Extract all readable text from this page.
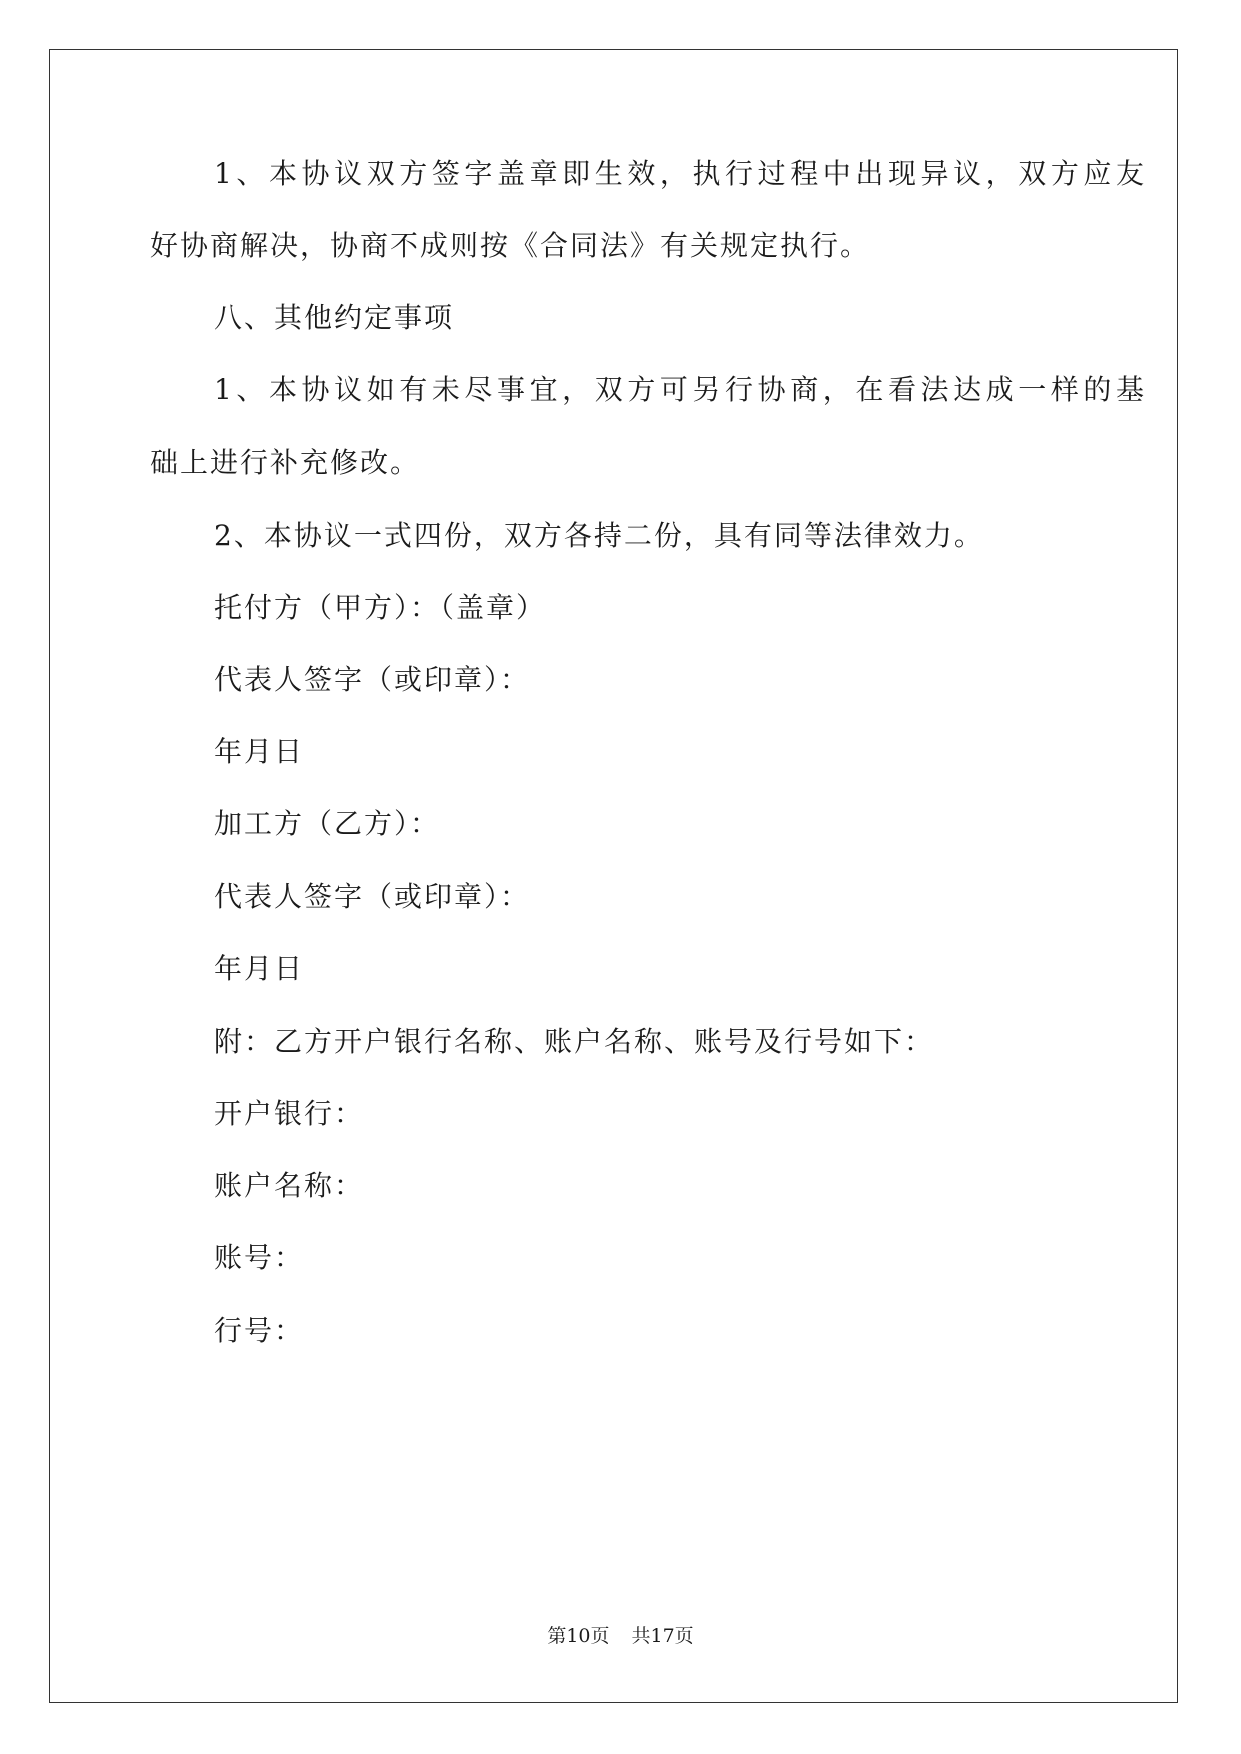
1、本协议双方签字盖章即生效，执行过程中出现异议，双方应友
好协商解决，协商不成则按《合同法》有关规定执行。
八、其他约定事项
1、本协议如有未尽事宜，双方可另行协商，在看法达成一样的基
础上进行补充修改。
2、本协议一式四份，双方各持二份，具有同等法律效力。
托付方（甲方）：（盖章）
代表人签字（或印章）：
年月日
加工方（乙方）：
代表人签字（或印章）：
年月日
附：乙方开户银行名称、账户名称、账号及行号如下：
开户银行：
账户名称：
账号：
行号：
第10页 共17页
